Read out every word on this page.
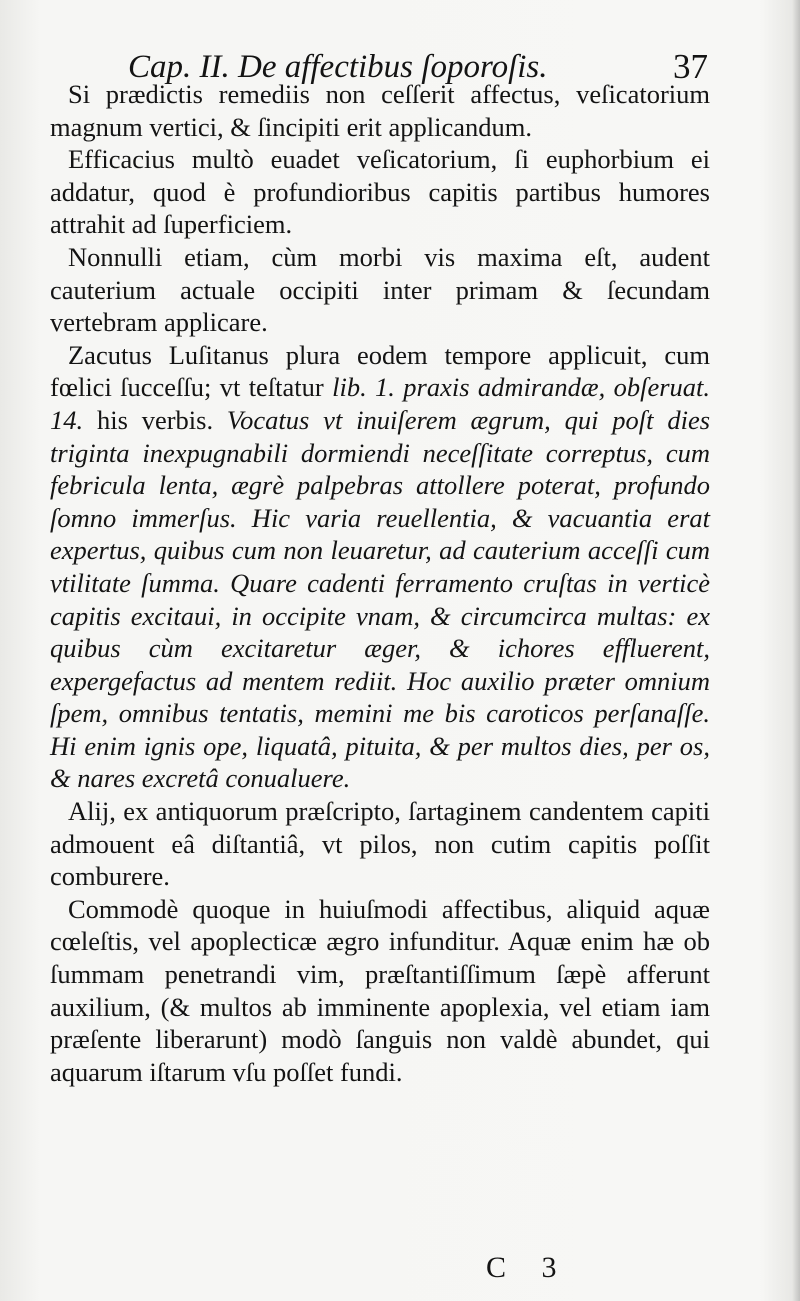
Cap. II. De affectibus ſoporoſis.	37

Si prædictis remediis non ceſſerit affectus, veſicatorium magnum vertici, & ſincipiti erit applicandum.

Efficacius multò euadet veſicatorium, ſi euphorbium ei addatur, quod è profundioribus capitis partibus humores attrahit ad ſuperficiem.

Nonnulli etiam, cùm morbi vis maxima eſt, audent cauterium actuale occipiti inter primam & ſecundam vertebram applicare.

Zacutus Luſitanus plura eodem tempore applicuit, cum fœlici ſucceſſu; vt teſtatur lib. 1. praxis admirandæ, obſeruat. 14. his verbis. Vocatus vt inuiſerem ægrum, qui poſt dies triginta inexpugnabili dormiendi neceſſitate correptus, cum febricula lenta, ægrè palpebras attollere poterat, profundo ſomno immerſus. Hic varia reuellentia, & vacuantia erat expertus, quibus cum non leuaretur, ad cauterium acceſſi cum vtilitate ſumma. Quare cadenti ferramento cruſtas in verticè capitis excitaui, in occipite vnam, & circumcirca multas: ex quibus cùm excitaretur æger, & ichores effluerent, expergefactus ad mentem rediit. Hoc auxilio præter omnium ſpem, omnibus tentatis, memini me bis caroticos perſanaſſe. Hi enim ignis ope, liquatâ, pituita, & per multos dies, per os, & nares excretâ conualuere.

Alij, ex antiquorum præſcripto, ſartaginem candentem capiti admouent eâ diſtantiâ, vt pilos, non cutim capitis poſſit comburere.

Commodè quoque in huiuſmodi affectibus, aliquid aquæ cœleſtis, vel apoplecticæ ægro infunditur. Aquæ enim hæ ob ſummam penetrandi vim, præſtantiſſimum ſæpè afferunt auxilium, (& multos ab imminente apoplexia, vel etiam iam præſente liberarunt) modò ſanguis non valdè abundet, qui aquarum iſtarum vſu poſſet fundi.

C 3
